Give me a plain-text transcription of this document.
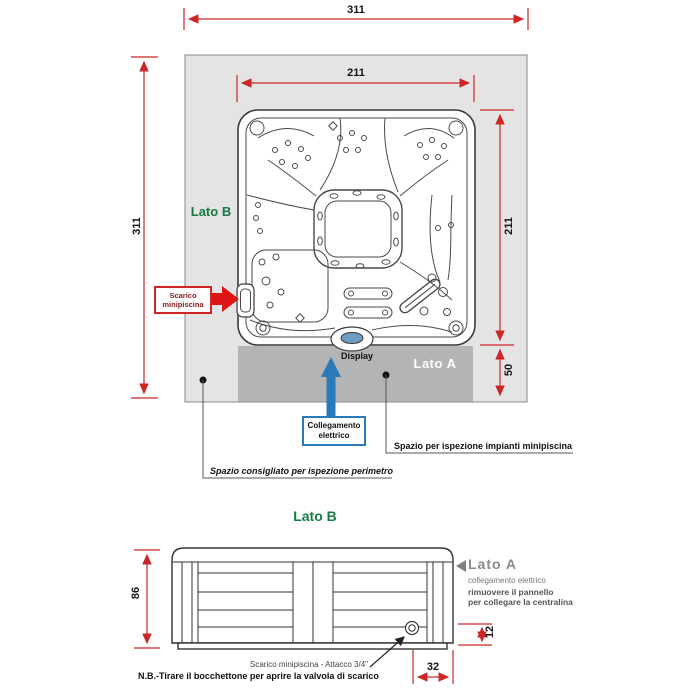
311
211
311	211
50
Lato B
Lato A
Scarico minipiscina
Display
Collegamento
elettrico
Spazio per ispezione impianti minipiscina
Spazio consigliato per ispezione perimetro
Lato B
86
12
32
Lato A
collegamento elettrico
rimuovere il pannello
per collegare la centralina
Scarico minipiscina - Attacco 3/4"
N.B.-Tirare il bocchettone per aprire la valvola di scarico
